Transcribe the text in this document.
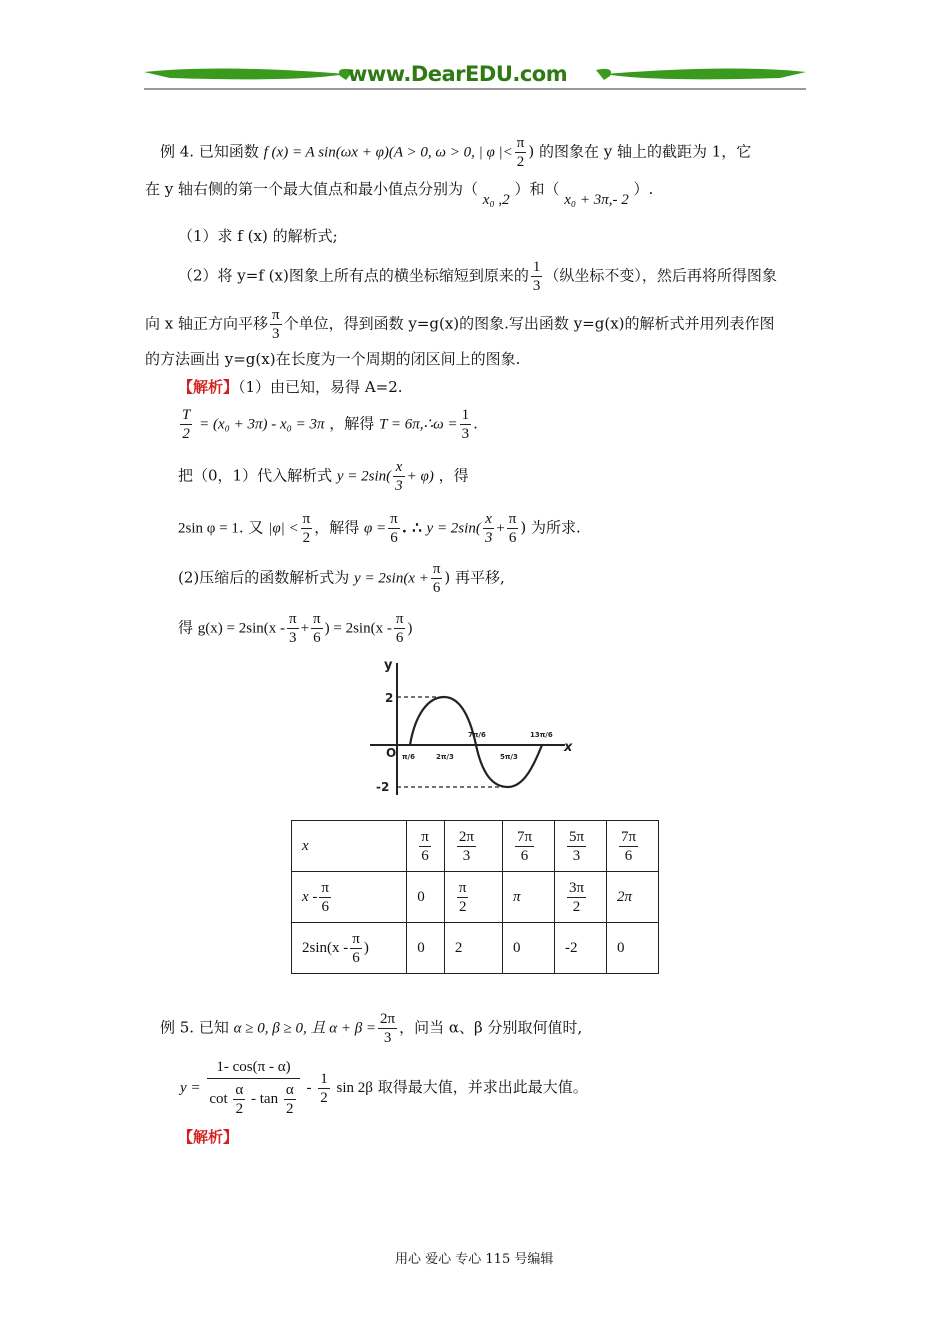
www.DearEDU.com
例 4. 已知函数 f (x) = A sin(ωx + φ)(A > 0, ω > 0, | φ |< $\frac{\pi}{2}$ ) 的图象在 y 轴上的截距为 1，它
在 y 轴右侧的第一个最大值点和最小值点分别为（ x₀ ,2 ）和（ x₀ + 3π,- 2 ）.
（1）求 f (x) 的解析式;
（2）将 y=f (x)图象上所有点的横坐标缩短到原来的 $\frac{1}{3}$ （纵坐标不变），然后再将所得图象
向 x 轴正方向平移 $\frac{\pi}{3}$ 个单位，得到函数 y=g(x)的图象.写出函数 y=g(x)的解析式并用列表作图
的方法画出 y=g(x)在长度为一个周期的闭区间上的图象.
【解析】（1）由已知，易得 A=2.
$\frac{T}{2} = (x_0 + 3\pi) - x_0 = 3\pi$ ，解得 T = 6π,∴ω = $\frac{1}{3}$ .
把（0，1）代入解析式 $y = 2\sin( \frac{x}{3} + \varphi)$ ，得
2sin φ = 1. 又 $|\varphi| < \frac{\pi}{2}$ ，解得 $\varphi = \frac{\pi}{6}$ . ∴ $y = 2\sin( \frac{x}{3} + \frac{\pi}{6}$ ) 为所求.
(2)压缩后的函数解析式为 $y = 2\sin(x + \frac{\pi}{6}$ ) 再平移,
得 $g(x) = 2\sin(x - \frac{\pi}{3} + \frac{\pi}{6}$ ) = $2\sin(x - \frac{\pi}{6}$ )
y
x
O
2
-2
π/6	2π/3
7π/6
5π/3
13π/6
x	$\frac{\pi}{6}$	$\frac{2\pi}{3}$	$\frac{7\pi}{6}$	$\frac{5\pi}{3}$	$\frac{7\pi}{6}$

x - $\frac{\pi}{6}$	0	$\frac{\pi}{2}$	π	$\frac{3\pi}{2}$	2π
$2\sin(x - \frac{\pi}{6}$ )	0	2	0	-2	0
例 5. 已知 α ≥ 0, β ≥ 0, 且 $\alpha + \beta = \frac{2\pi}{3}$ ，问当 α、β 分别取何值时,
$y = \frac{1- \cos(\pi - \alpha)}{\cot \frac{\alpha}{2} - \tan \frac{\alpha}{2}} - \frac{1}{2}$ sin 2β 取得最大值，并求出此最大值。
【解析】
用心 爱心 专心 115 号编辑
